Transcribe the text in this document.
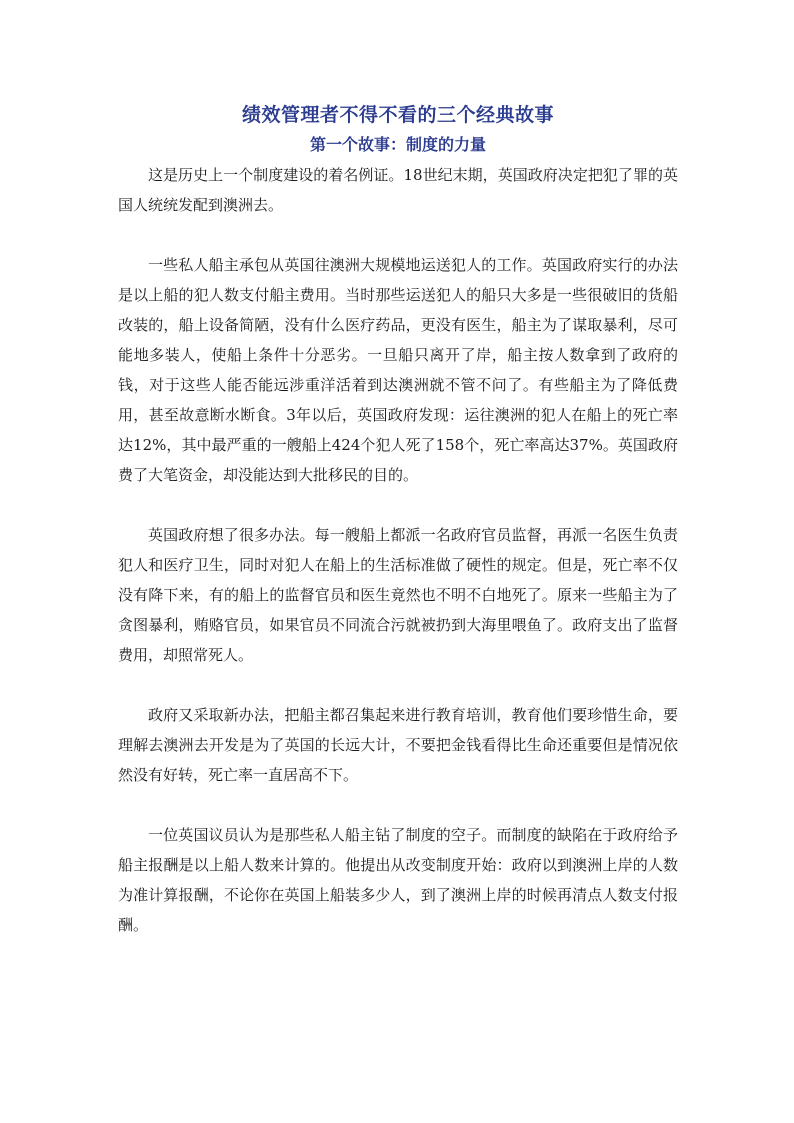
绩效管理者不得不看的三个经典故事
第一个故事：制度的力量

这是历史上一个制度建设的着名例证。18世纪末期，英国政府决定把犯了罪的英国人统统发配到澳洲去。

一些私人船主承包从英国往澳洲大规模地运送犯人的工作。英国政府实行的办法是以上船的犯人数支付船主费用。当时那些运送犯人的船只大多是一些很破旧的货船改装的，船上设备简陋，没有什么医疗药品，更没有医生，船主为了谋取暴利，尽可能地多装人，使船上条件十分恶劣。一旦船只离开了岸，船主按人数拿到了政府的钱，对于这些人能否能远涉重洋活着到达澳洲就不管不问了。有些船主为了降低费用，甚至故意断水断食。3年以后，英国政府发现：运往澳洲的犯人在船上的死亡率达12%，其中最严重的一艘船上424个犯人死了158个，死亡率高达37%。英国政府费了大笔资金，却没能达到大批移民的目的。

英国政府想了很多办法。每一艘船上都派一名政府官员监督，再派一名医生负责犯人和医疗卫生，同时对犯人在船上的生活标准做了硬性的规定。但是，死亡率不仅没有降下来，有的船上的监督官员和医生竟然也不明不白地死了。原来一些船主为了贪图暴利，贿赂官员，如果官员不同流合污就被扔到大海里喂鱼了。政府支出了监督费用，却照常死人。

政府又采取新办法，把船主都召集起来进行教育培训，教育他们要珍惜生命，要理解去澳洲去开发是为了英国的长远大计，不要把金钱看得比生命还重要但是情况依然没有好转，死亡率一直居高不下。

一位英国议员认为是那些私人船主钻了制度的空子。而制度的缺陷在于政府给予船主报酬是以上船人数来计算的。他提出从改变制度开始：政府以到澳洲上岸的人数为准计算报酬，不论你在英国上船装多少人，到了澳洲上岸的时候再清点人数支付报酬。
